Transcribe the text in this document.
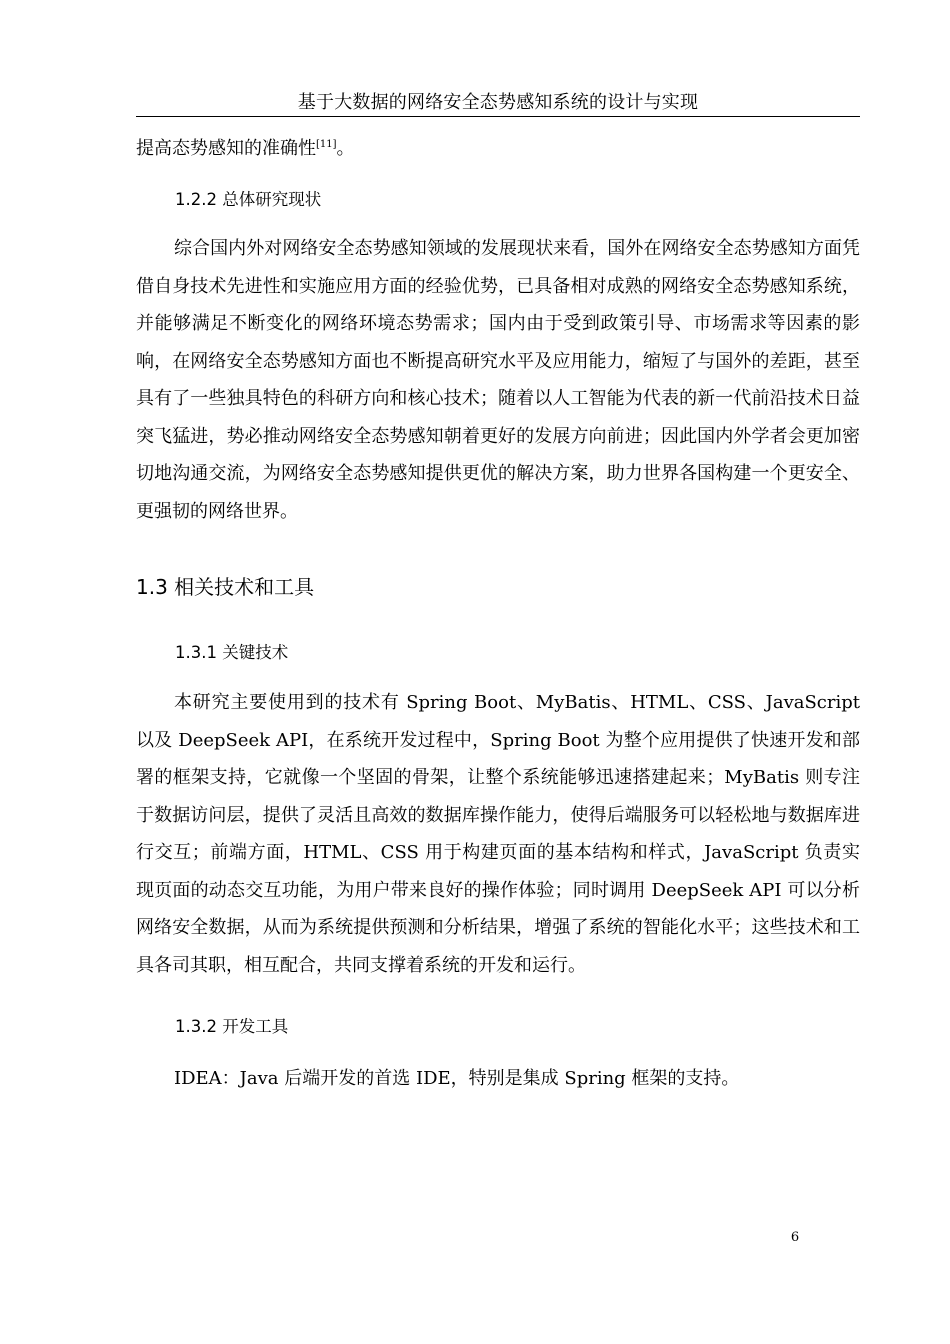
基于大数据的网络安全态势感知系统的设计与实现
提高态势感知的准确性[11]。
1.2.2 总体研究现状

综合国内外对网络安全态势感知领域的发展现状来看，国外在网络安全态势感知方面凭借自身技术先进性和实施应用方面的经验优势，已具备相对成熟的网络安全态势感知系统，并能够满足不断变化的网络环境态势需求；国内由于受到政策引导、市场需求等因素的影响，在网络安全态势感知方面也不断提高研究水平及应用能力，缩短了与国外的差距，甚至具有了一些独具特色的科研方向和核心技术；随着以人工智能为代表的新一代前沿技术日益突飞猛进，势必推动网络安全态势感知朝着更好的发展方向前进；因此国内外学者会更加密切地沟通交流，为网络安全态势感知提供更优的解决方案，助力世界各国构建一个更安全、更强韧的网络世界。

1.3 相关技术和工具
1.3.1 关键技术

本研究主要使用到的技术有 Spring Boot、MyBatis、HTML、CSS、JavaScript 以及 DeepSeek API，在系统开发过程中，Spring Boot 为整个应用提供了快速开发和部署的框架支持，它就像一个坚固的骨架，让整个系统能够迅速搭建起来；MyBatis 则专注于数据访问层，提供了灵活且高效的数据库操作能力，使得后端服务可以轻松地与数据库进行交互；前端方面，HTML、CSS 用于构建页面的基本结构和样式，JavaScript 负责实现页面的动态交互功能，为用户带来良好的操作体验；同时调用 DeepSeek API 可以分析网络安全数据，从而为系统提供预测和分析结果，增强了系统的智能化水平；这些技术和工具各司其职，相互配合，共同支撑着系统的开发和运行。

1.3.2 开发工具

IDEA：Java 后端开发的首选 IDE，特别是集成 Spring 框架的支持。

6
